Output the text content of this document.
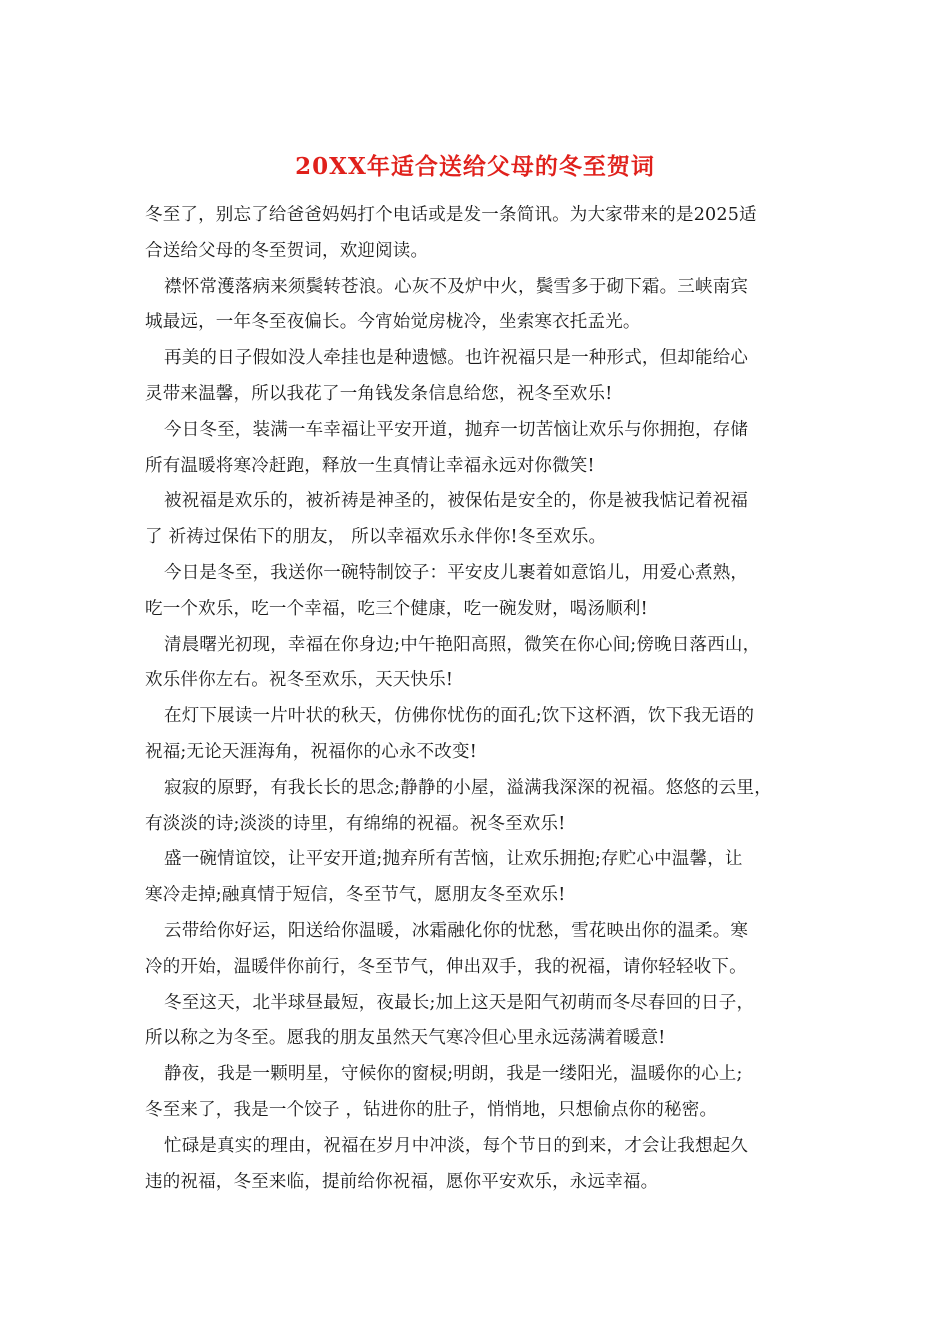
20XX年适合送给父母的冬至贺词
冬至了，别忘了给爸爸妈妈打个电话或是发一条简讯。为大家带来的是2025适
合送给父母的冬至贺词，欢迎阅读。
襟怀常濩落病来须鬓转苍浪。心灰不及炉中火，鬓雪多于砌下霜。三峡南宾
城最远，一年冬至夜偏长。今宵始觉房栊冷，坐索寒衣托孟光。
再美的日子假如没人牵挂也是种遗憾。也许祝福只是一种形式，但却能给心
灵带来温馨，所以我花了一角钱发条信息给您，祝冬至欢乐!
今日冬至，装满一车幸福让平安开道，抛弃一切苦恼让欢乐与你拥抱，存储
所有温暖将寒冷赶跑，释放一生真情让幸福永远对你微笑!
被祝福是欢乐的，被祈祷是神圣的，被保佑是安全的，你是被我惦记着祝福
了 祈祷过保佑下的朋友， 所以幸福欢乐永伴你!冬至欢乐。
今日是冬至，我送你一碗特制饺子：平安皮儿裹着如意馅儿，用爱心煮熟，
吃一个欢乐，吃一个幸福，吃三个健康，吃一碗发财，喝汤顺利!
清晨曙光初现，幸福在你身边;中午艳阳高照，微笑在你心间;傍晚日落西山，
欢乐伴你左右。祝冬至欢乐，天天快乐!
在灯下展读一片叶状的秋天，仿佛你忧伤的面孔;饮下这杯酒，饮下我无语的
祝福;无论天涯海角，祝福你的心永不改变!
寂寂的原野，有我长长的思念;静静的小屋，溢满我深深的祝福。悠悠的云里，
有淡淡的诗;淡淡的诗里，有绵绵的祝福。祝冬至欢乐!
盛一碗情谊饺，让平安开道;抛弃所有苦恼，让欢乐拥抱;存贮心中温馨，让
寒冷走掉;融真情于短信，冬至节气，愿朋友冬至欢乐!
云带给你好运，阳送给你温暖，冰霜融化你的忧愁，雪花映出你的温柔。寒
冷的开始，温暖伴你前行，冬至节气，伸出双手，我的祝福，请你轻轻收下。
冬至这天，北半球昼最短，夜最长;加上这天是阳气初萌而冬尽春回的日子，
所以称之为冬至。愿我的朋友虽然天气寒冷但心里永远荡满着暖意!
静夜，我是一颗明星，守候你的窗棂;明朗，我是一缕阳光，温暖你的心上;
冬至来了，我是一个饺子 ，钻进你的肚子，悄悄地，只想偷点你的秘密。
忙碌是真实的理由，祝福在岁月中冲淡，每个节日的到来，才会让我想起久
违的祝福，冬至来临，提前给你祝福，愿你平安欢乐，永远幸福。
